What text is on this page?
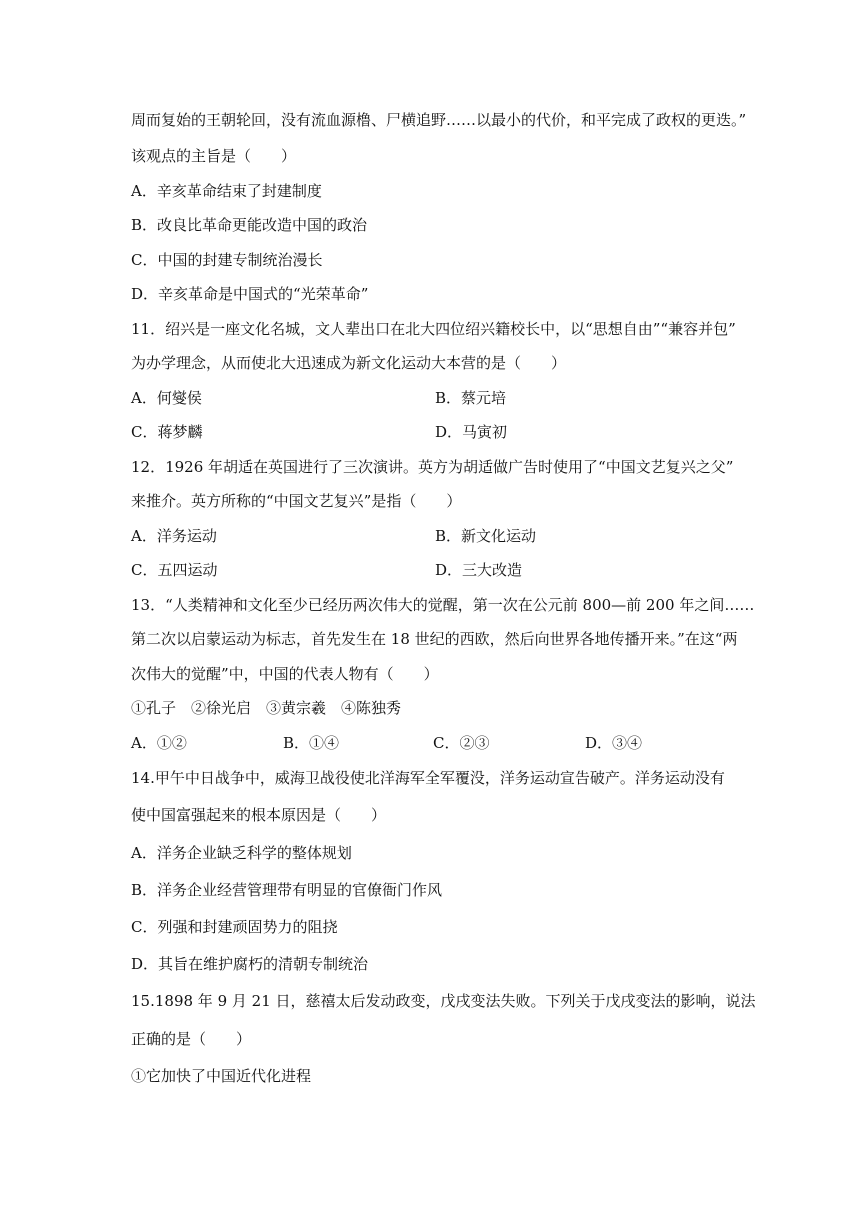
周而复始的王朝轮回，没有流血源橹、尸横追野……以最小的代价，和平完成了政权的更迭。”
该观点的主旨是（　　）
A．辛亥革命结束了封建制度
B．改良比革命更能改造中国的政治
C．中国的封建专制统治漫长
D．辛亥革命是中国式的“光荣革命”
11．绍兴是一座文化名城，文人辈出口在北大四位绍兴籍校长中，以“思想自由”“兼容并包”
为办学理念，从而使北大迅速成为新文化运动大本营的是（　　）
A．何燮侯	B．蔡元培
C．蒋梦麟	D．马寅初
12．1926 年胡适在英国进行了三次演讲。英方为胡适做广告时使用了“中国文艺复兴之父”
来推介。英方所称的“中国文艺复兴”是指（　　）
A．洋务运动	B．新文化运动
C．五四运动	D．三大改造
13．“人类精神和文化至少已经历两次伟大的觉醒，第一次在公元前 800—前 200 年之间……
第二次以启蒙运动为标志，首先发生在 18 世纪的西欧，然后向世界各地传播开来。”在这“两
次伟大的觉醒”中，中国的代表人物有（　　）
①孔子　②徐光启　③黄宗羲　④陈独秀
A．①②	B．①④	C．②③	D．③④
14.甲午中日战争中，威海卫战役使北洋海军全军覆没，洋务运动宣告破产。洋务运动没有
使中国富强起来的根本原因是（　　）
A．洋务企业缺乏科学的整体规划
B．洋务企业经营管理带有明显的官僚衙门作风
C．列强和封建顽固势力的阻挠
D．其旨在维护腐朽的清朝专制统治
15.1898 年 9 月 21 日，慈禧太后发动政变，戊戌变法失败。下列关于戊戌变法的影响，说法
正确的是（　　）
①它加快了中国近代化进程
